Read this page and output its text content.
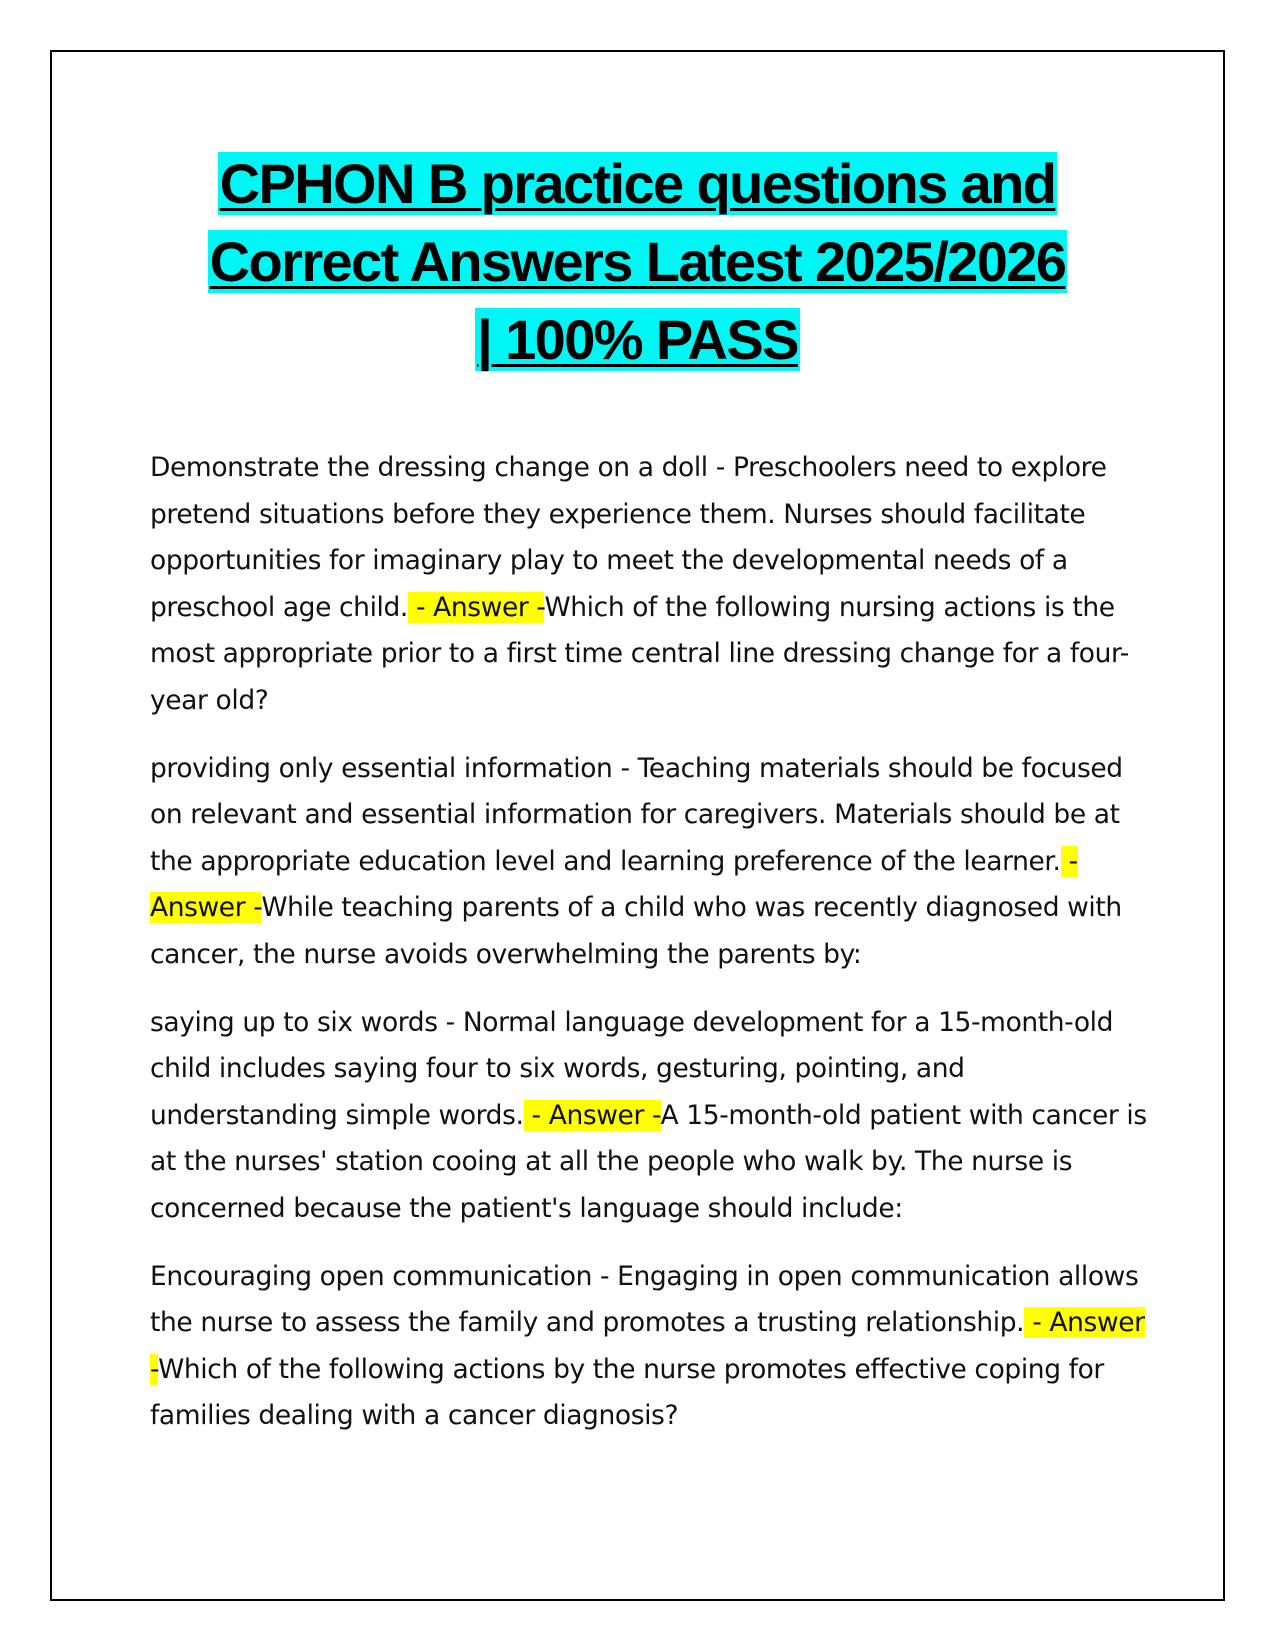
CPHON B practice questions and
Correct Answers Latest 2025/2026
| 100% PASS

Demonstrate the dressing change on a doll - Preschoolers need to explore pretend situations before they experience them. Nurses should facilitate opportunities for imaginary play to meet the developmental needs of a preschool age child. - Answer -Which of the following nursing actions is the most appropriate prior to a first time central line dressing change for a four-year old?

providing only essential information - Teaching materials should be focused on relevant and essential information for caregivers. Materials should be at the appropriate education level and learning preference of the learner. - Answer -While teaching parents of a child who was recently diagnosed with cancer, the nurse avoids overwhelming the parents by:

saying up to six words - Normal language development for a 15-month-old child includes saying four to six words, gesturing, pointing, and understanding simple words. - Answer -A 15-month-old patient with cancer is at the nurses' station cooing at all the people who walk by. The nurse is concerned because the patient's language should include:

Encouraging open communication - Engaging in open communication allows the nurse to assess the family and promotes a trusting relationship. - Answer -Which of the following actions by the nurse promotes effective coping for families dealing with a cancer diagnosis?
